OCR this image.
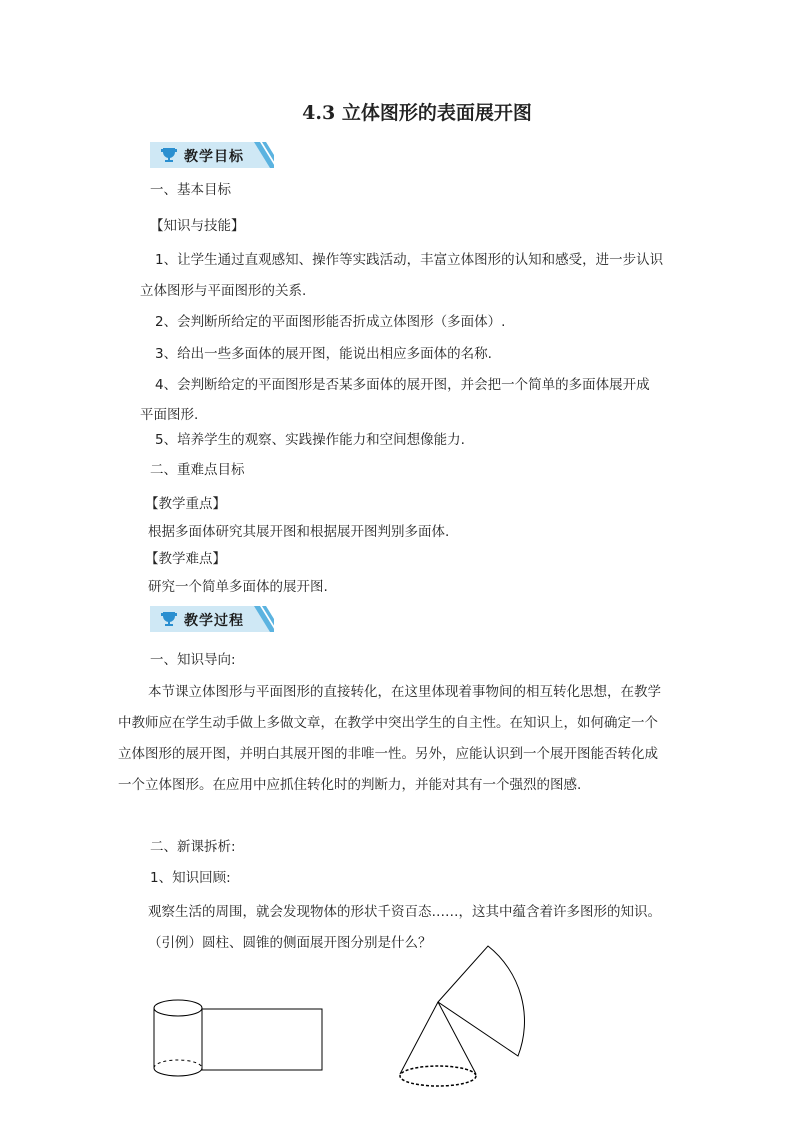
4.3 立体图形的表面展开图
教学目标
一、基本目标
【知识与技能】
1、让学生通过直观感知、操作等实践活动，丰富立体图形的认知和感受，进一步认识
立体图形与平面图形的关系.
2、会判断所给定的平面图形能否折成立体图形（多面体）.
3、给出一些多面体的展开图，能说出相应多面体的名称.
4、会判断给定的平面图形是否某多面体的展开图，并会把一个简单的多面体展开成
平面图形.
5、培养学生的观察、实践操作能力和空间想像能力.
二、重难点目标
【教学重点】
根据多面体研究其展开图和根据展开图判别多面体.
【教学难点】
研究一个简单多面体的展开图.
教学过程
一、知识导向:
本节课立体图形与平面图形的直接转化，在这里体现着事物间的相互转化思想，在教学
中教师应在学生动手做上多做文章，在教学中突出学生的自主性。在知识上，如何确定一个
立体图形的展开图，并明白其展开图的非唯一性。另外，应能认识到一个展开图能否转化成
一个立体图形。在应用中应抓住转化时的判断力，并能对其有一个强烈的图感.
二、新课拆析:
1、知识回顾:
观察生活的周围，就会发现物体的形状千资百态……，这其中蕴含着许多图形的知识。
（引例）圆柱、圆锥的侧面展开图分别是什么？
